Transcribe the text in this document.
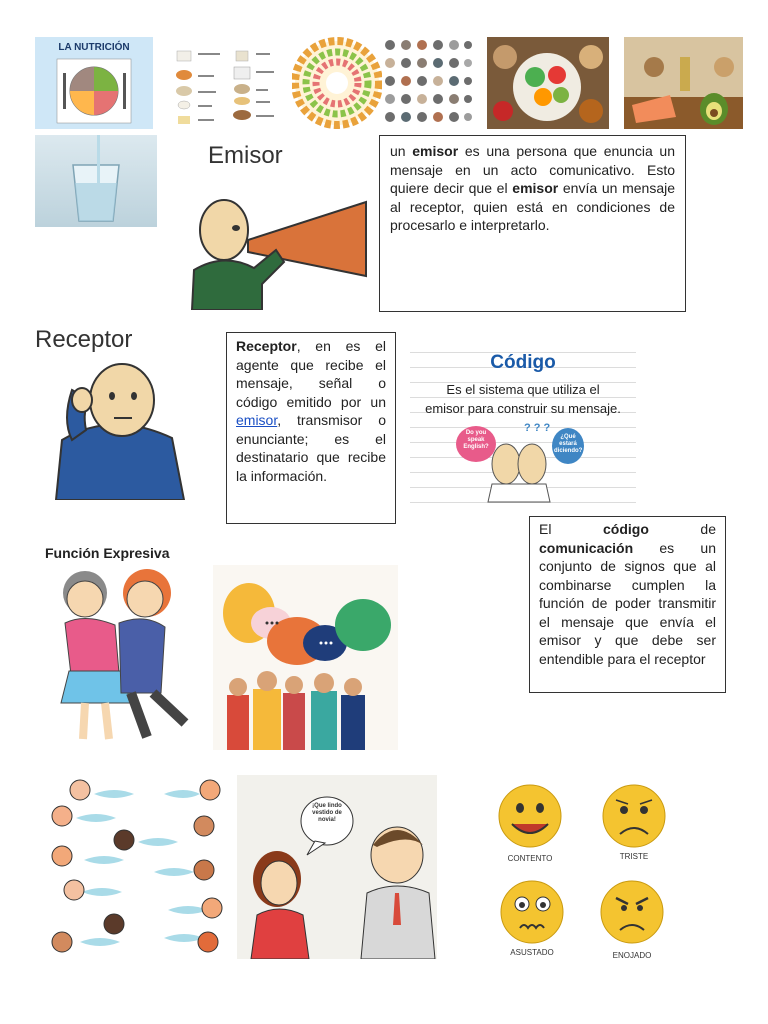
LA NUTRICIÓN
Emisor	un emisor es una persona que enuncia un mensaje en un acto comunicativo. Esto quiere decir que el emisor envía un mensaje al receptor, quien está en condiciones de procesarlo e interpretarlo.
Receptor	Receptor, en es el agente que recibe el mensaje, señal o código emitido por un emisor, transmisor o enunciante; es el destinatario que recibe la información.
Código
Es el sistema que utiliza el
emisor para construir su mensaje.
Do you speak English?
¿Qué estará diciendo?
? ? ?
El código de comunicación es un conjunto de signos que al combinarse cumplen la función de poder transmitir el mensaje que envía el emisor y que debe ser entendible para el receptor
Función Expresiva
¡Que lindo vestido de novia!
CONTENTO	TRISTE
ASUSTADO	ENOJADO
